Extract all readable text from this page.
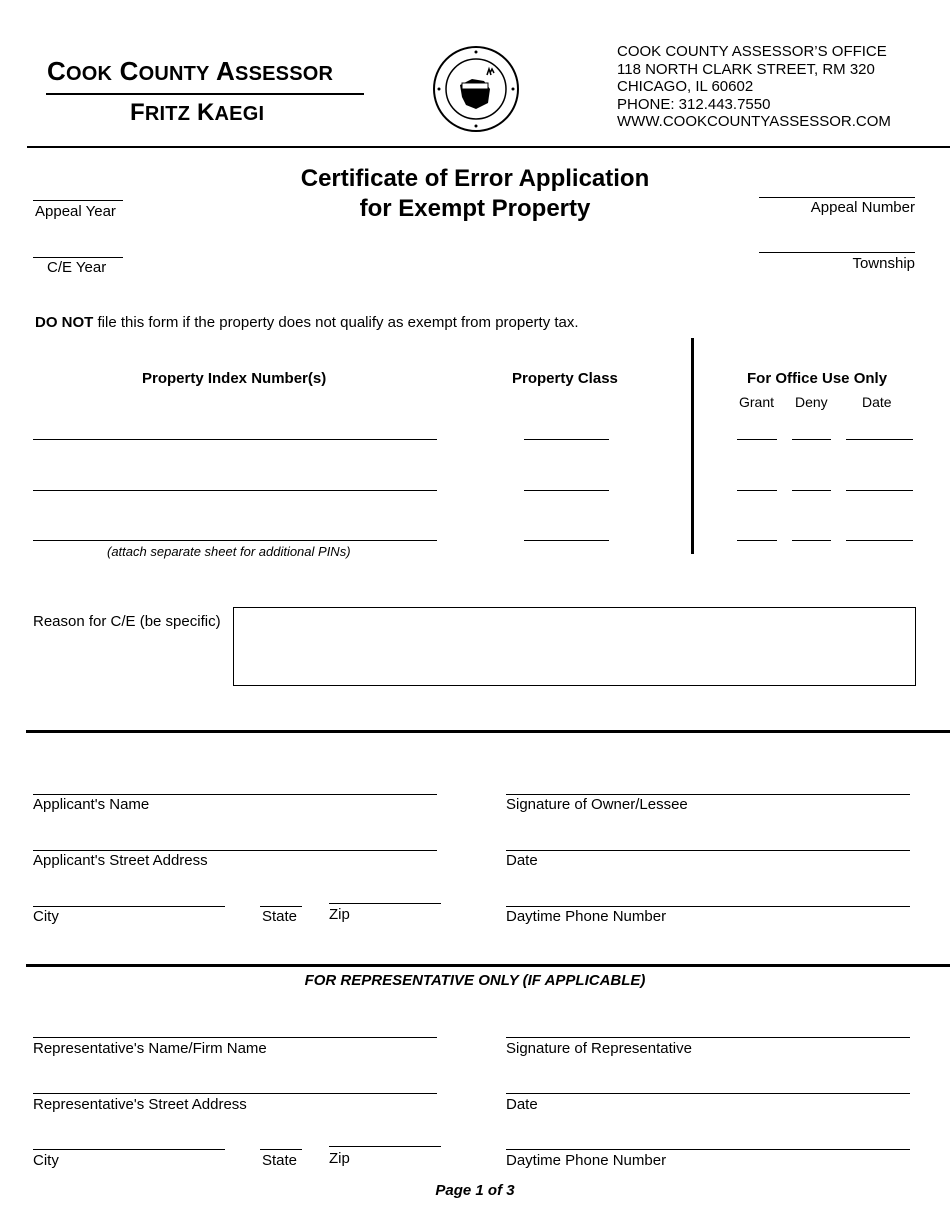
COOK COUNTY ASSESSOR
FRITZ KAEGI
COOK COUNTY ASSESSOR’S OFFICE
118 NORTH CLARK STREET, RM 320
CHICAGO, IL 60602
PHONE: 312.443.7550
WWW.COOKCOUNTYASSESSOR.COM
Certificate of Error Application
for Exempt Property
Appeal Year
C/E Year
Appeal Number
Township
DO NOT file this form if the property does not qualify as exempt from property tax.
Property Index Number(s)	Property Class	For Office Use Only
Grant Deny Date
(attach separate sheet for additional PINs)
Reason for C/E (be specific)
Applicant's Name
Applicant's Street Address
City	State Zip
Signature of Owner/Lessee
Date
Daytime Phone Number
FOR REPRESENTATIVE ONLY (IF APPLICABLE)
Representative's Name/Firm Name
Representative's Street Address
City	State Zip
Signature of Representative
Date
Daytime Phone Number
Page 1 of 3
